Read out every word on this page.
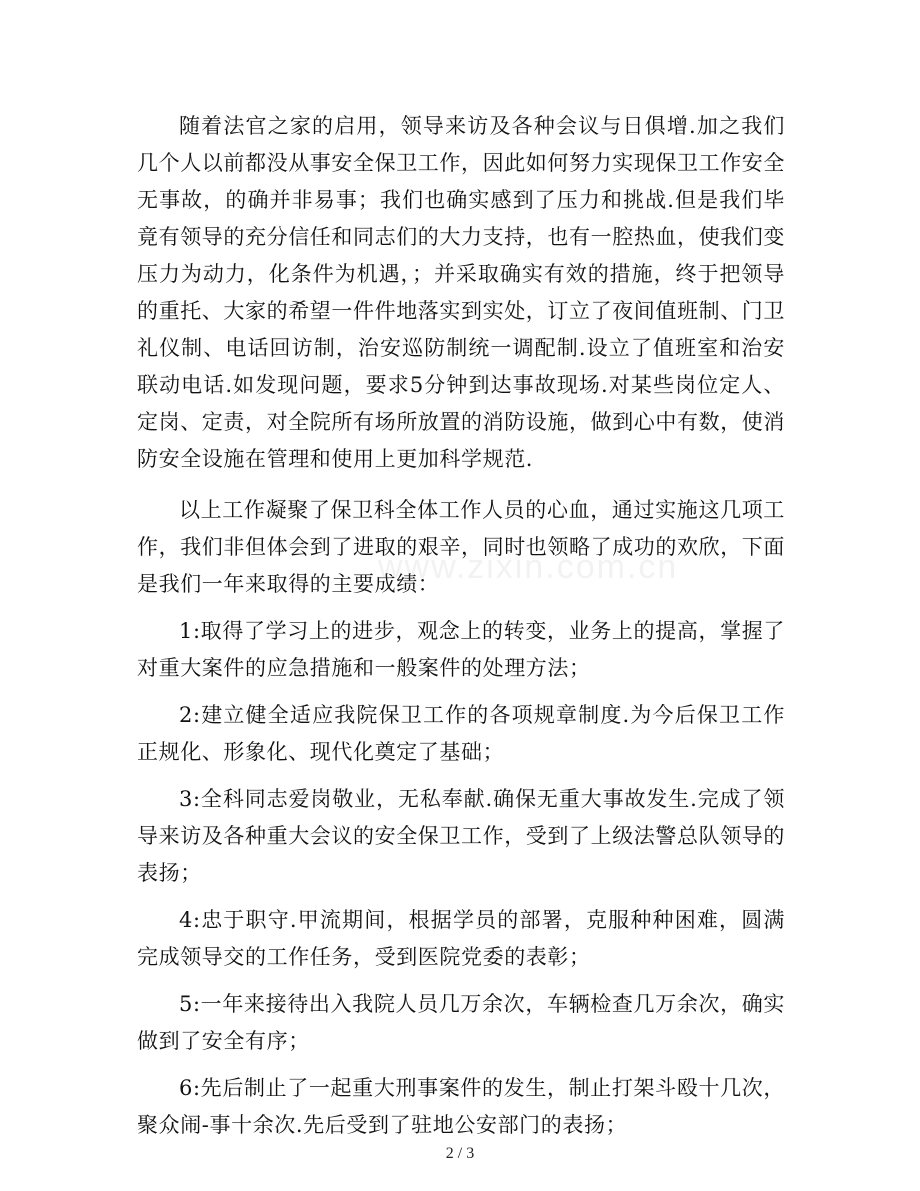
随着法官之家的启用，领导来访及各种会议与日俱增.加之我们几个人以前都没从事安全保卫工作，因此如何努力实现保卫工作安全无事故，的确并非易事；我们也确实感到了压力和挑战.但是我们毕竟有领导的充分信任和同志们的大力支持，也有一腔热血，使我们变压力为动力，化条件为机遇，；并采取确实有效的措施，终于把领导的重托、大家的希望一件件地落实到实处，订立了夜间值班制、门卫礼仪制、电话回访制，治安巡防制统一调配制.设立了值班室和治安联动电话.如发现问题，要求5分钟到达事故现场.对某些岗位定人、定岗、定责，对全院所有场所放置的消防设施，做到心中有数，使消防安全设施在管理和使用上更加科学规范.

以上工作凝聚了保卫科全体工作人员的心血，通过实施这几项工作，我们非但体会到了进取的艰辛，同时也领略了成功的欢欣，下面是我们一年来取得的主要成绩：

1:取得了学习上的进步，观念上的转变，业务上的提高，掌握了对重大案件的应急措施和一般案件的处理方法；

2:建立健全适应我院保卫工作的各项规章制度.为今后保卫工作正规化、形象化、现代化奠定了基础；

3:全科同志爱岗敬业，无私奉献.确保无重大事故发生.完成了领导来访及各种重大会议的安全保卫工作，受到了上级法警总队领导的表扬；

4:忠于职守.甲流期间，根据学员的部署，克服种种困难，圆满完成领导交的工作任务，受到医院党委的表彰；

5:一年来接待出入我院人员几万余次，车辆检查几万余次，确实做到了安全有序；

6:先后制止了一起重大刑事案件的发生，制止打架斗殴十几次，聚众闹-事十余次.先后受到了驻地公安部门的表扬；

www.zixin.com.cn
2 / 3
